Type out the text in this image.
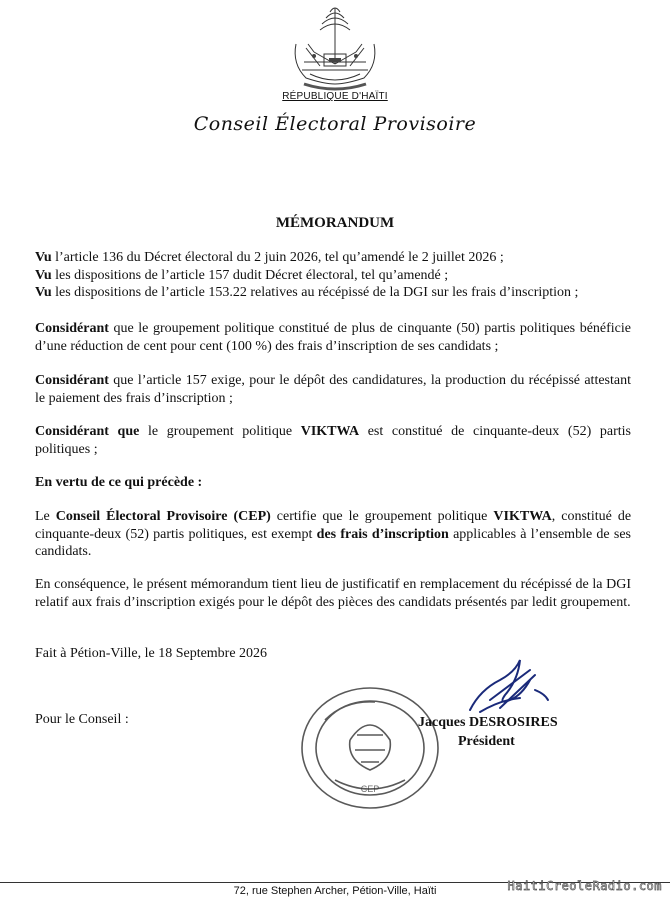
RÉPUBLIQUE D'HAÏTI
Conseil Électoral Provisoire
MÉMORANDUM

Vu l’article 136 du Décret électoral du 2 juin 2026, tel qu’amendé le 2 juillet 2026 ;

Vu les dispositions de l’article 157 dudit Décret électoral, tel qu’amendé ;

Vu les dispositions de l’article 153.22 relatives au récépissé de la DGI sur les frais d’inscription ;

Considérant que le groupement politique constitué de plus de cinquante (50) partis politiques bénéficie d’une réduction de cent pour cent (100 %) des frais d’inscription de ses candidats ;

Considérant que l’article 157 exige, pour le dépôt des candidatures, la production du récépissé attestant le paiement des frais d’inscription ;

Considérant que le groupement politique VIKTWA est constitué de cinquante-deux (52) partis politiques ;

En vertu de ce qui précède :

Le Conseil Électoral Provisoire (CEP) certifie que le groupement politique VIKTWA, constitué de cinquante-deux (52) partis politiques, est exempt des frais d’inscription applicables à l’ensemble de ses candidats.

En conséquence, le présent mémorandum tient lieu de justificatif en remplacement du récépissé de la DGI relatif aux frais d’inscription exigés pour le dépôt des pièces des candidats présentés par ledit groupement.

Fait à Pétion-Ville, le 18 Septembre 2026

Pour le Conseil :
CEP
Jacques DESROSIRES
Président
72, rue Stephen Archer, Pétion-Ville, Haïti	HaitiCreoleRadio.com
